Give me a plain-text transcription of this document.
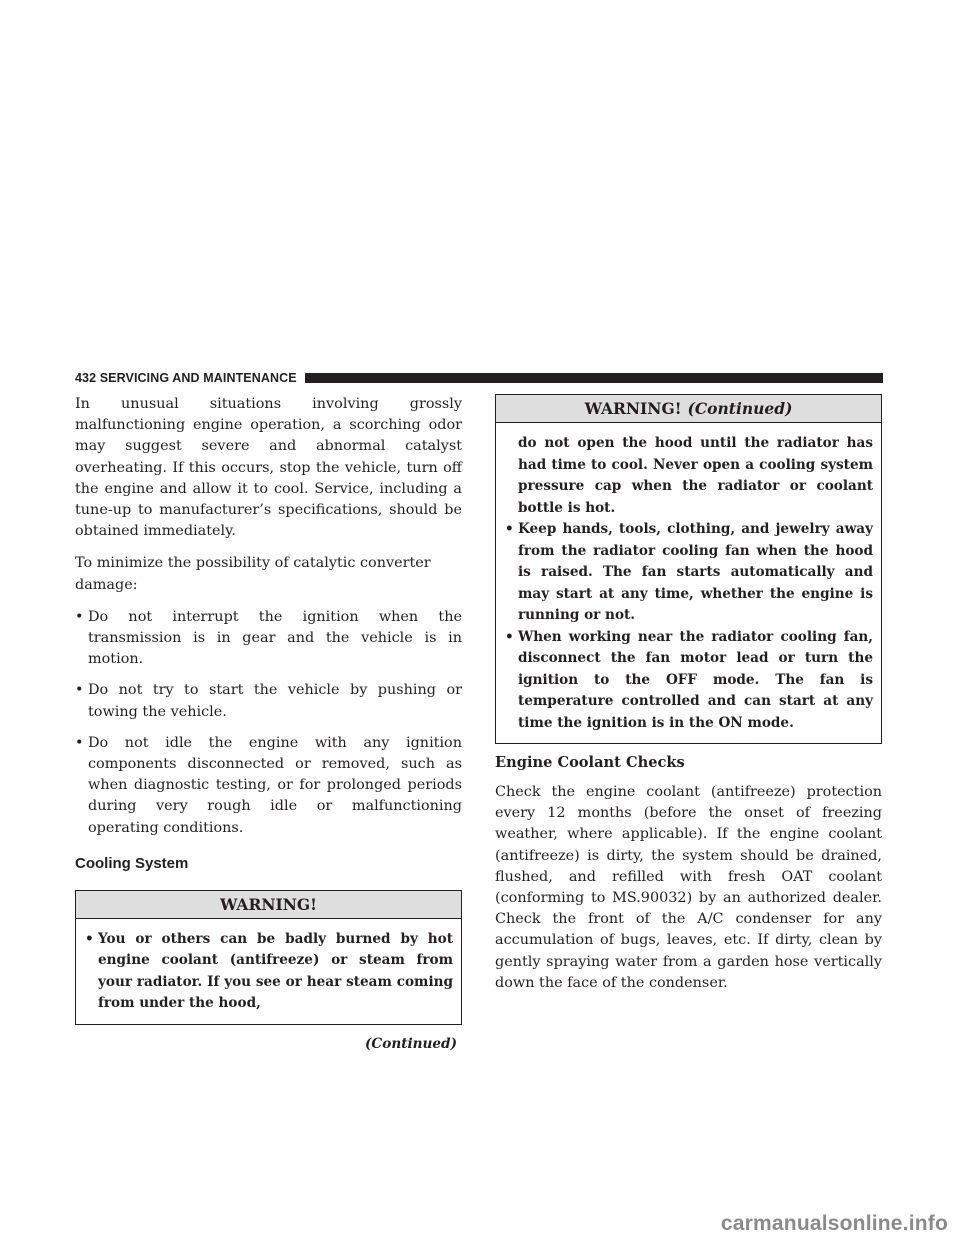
432 SERVICING AND MAINTENANCE

In unusual situations involving grossly malfunctioning engine operation, a scorching odor may suggest severe and abnormal catalyst overheating. If this occurs, stop the vehicle, turn off the engine and allow it to cool. Service, including a tune-up to manufacturer’s specifications, should be obtained immediately.

To minimize the possibility of catalytic converter damage:

• Do not interrupt the ignition when the transmission is in gear and the vehicle is in motion.
• Do not try to start the vehicle by pushing or towing the vehicle.
• Do not idle the engine with any ignition components disconnected or removed, such as when diagnostic testing, or for prolonged periods during very rough idle or malfunctioning operating conditions.
Cooling System
WARNING!
• You or others can be badly burned by hot engine coolant (antifreeze) or steam from your radiator. If you see or hear steam coming from under the hood,
(Continued)
WARNING! (Continued)

do not open the hood until the radiator has had time to cool. Never open a cooling system pressure cap when the radiator or coolant bottle is hot.

• Keep hands, tools, clothing, and jewelry away from the radiator cooling fan when the hood is raised. The fan starts automatically and may start at any time, whether the engine is running or not.
• When working near the radiator cooling fan, disconnect the fan motor lead or turn the ignition to the OFF mode. The fan is temperature controlled and can start at any time the ignition is in the ON mode.
Engine Coolant Checks

Check the engine coolant (antifreeze) protection every 12 months (before the onset of freezing weather, where applicable). If the engine coolant (antifreeze) is dirty, the system should be drained, flushed, and refilled with fresh OAT coolant (conforming to MS.90032) by an authorized dealer. Check the front of the A/C condenser for any accumulation of bugs, leaves, etc. If dirty, clean by gently spraying water from a garden hose vertically down the face of the condenser.

carmanualsonline.info
